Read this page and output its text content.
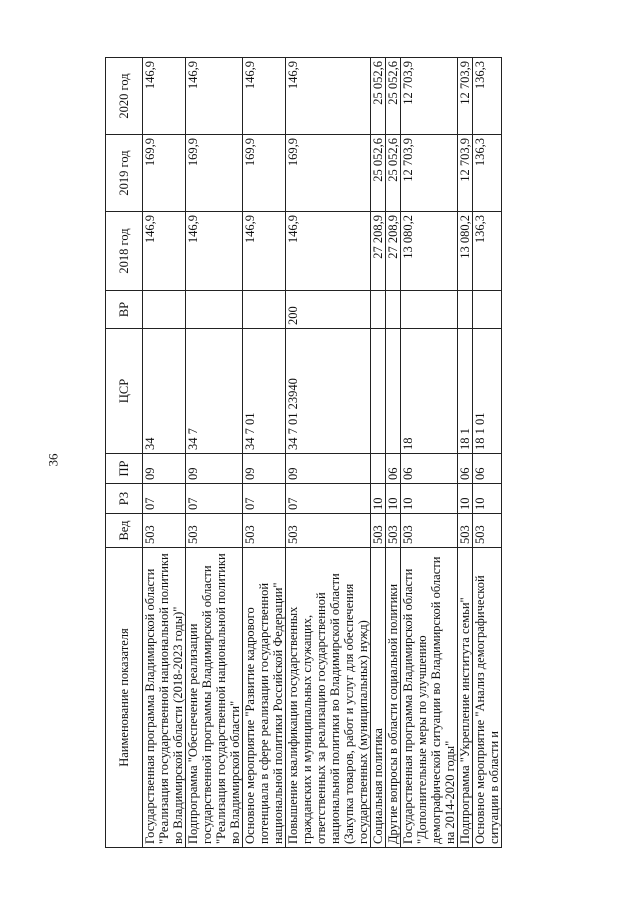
36
Наименование показателя	Вед	РЗ	ПР	ЦСР	ВР	2018 год	2019 год	2020 год
Государственная программа Владимирской области "Реализация государственной национальной политики во Владимирской области (2018-2023 годы)"	503	07	09	34		146,9	169,9	146,9
Подпрограмма "Обеспечение реализации государственной программы Владимирской области "Реализация государственной национальной политики во Владимирской области"	503	07	09	34 7		146,9	169,9	146,9
Основное мероприятие "Развитие кадрового потенциала в сфере реализации государственной национальной политики Российской Федерации"	503	07	09	34 7 01		146,9	169,9	146,9
Повышение квалификации государственных гражданских и муниципальных служащих, ответственных за реализацию государственной национальной политики во Владимирской области (Закупка товаров, работ и услуг для обеспечения государственных (муниципальных) нужд)	503	07	09	34 7 01 23940	200	146,9	169,9	146,9
Социальная политика	503	10				27 208,9	25 052,6	25 052,6
Другие вопросы в области социальной политики	503	10	06			27 208,9	25 052,6	25 052,6
Государственная программа Владимирской области "Дополнительные меры по улучшению демографической ситуации во Владимирской области на 2014-2020 годы"	503	10	06	18		13 080,2	12 703,9	12 703,9
Подпрограмма "Укрепление института семьи"	503	10	06	18 1		13 080,2	12 703,9	12 703,9
Основное мероприятие "Анализ демографической ситуации в области и	503	10	06	18 1 01		136,3	136,3	136,3
